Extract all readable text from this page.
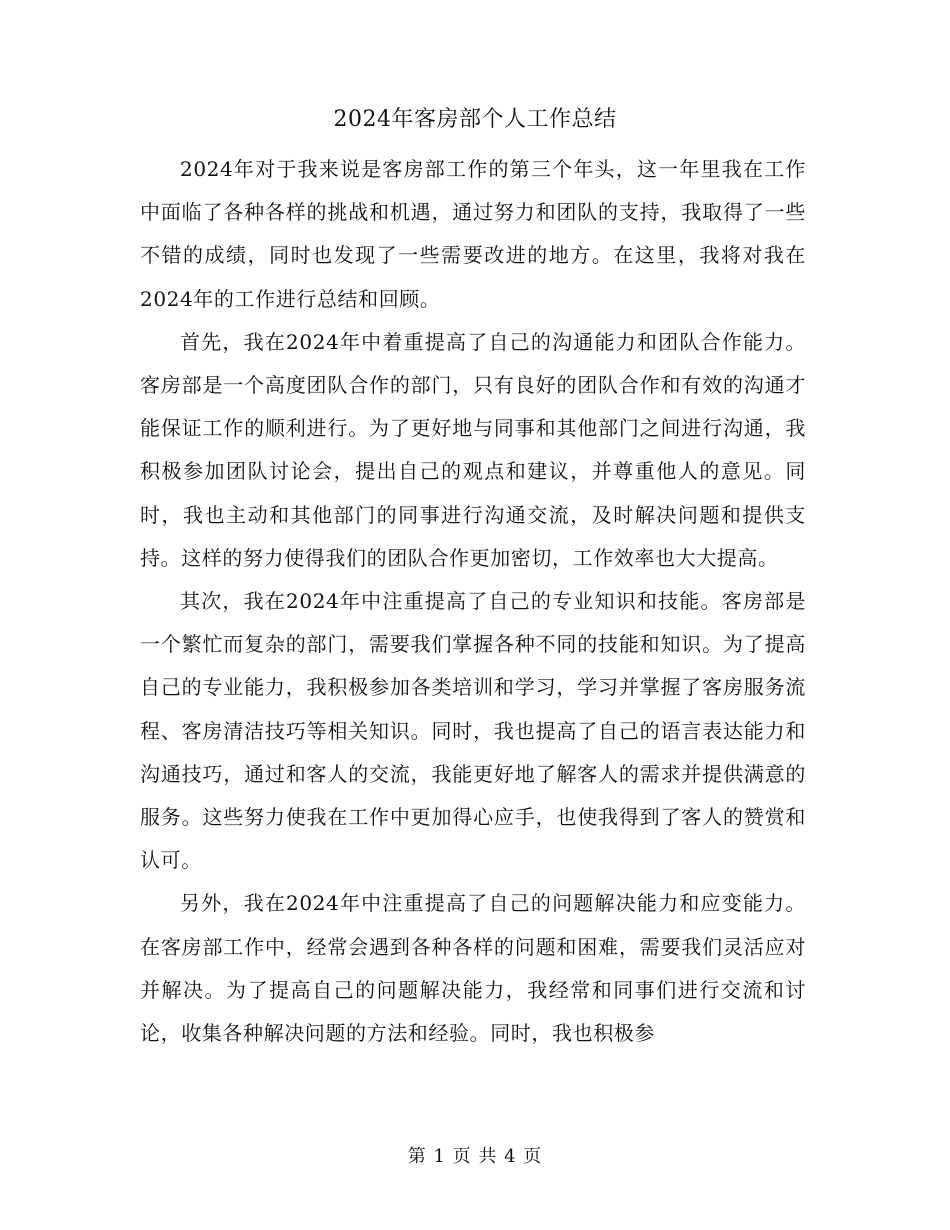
2024年客房部个人工作总结

2024年对于我来说是客房部工作的第三个年头，这一年里我在工作中面临了各种各样的挑战和机遇，通过努力和团队的支持，我取得了一些不错的成绩，同时也发现了一些需要改进的地方。在这里，我将对我在2024年的工作进行总结和回顾。

首先，我在2024年中着重提高了自己的沟通能力和团队合作能力。客房部是一个高度团队合作的部门，只有良好的团队合作和有效的沟通才能保证工作的顺利进行。为了更好地与同事和其他部门之间进行沟通，我积极参加团队讨论会，提出自己的观点和建议，并尊重他人的意见。同时，我也主动和其他部门的同事进行沟通交流，及时解决问题和提供支持。这样的努力使得我们的团队合作更加密切，工作效率也大大提高。

其次，我在2024年中注重提高了自己的专业知识和技能。客房部是一个繁忙而复杂的部门，需要我们掌握各种不同的技能和知识。为了提高自己的专业能力，我积极参加各类培训和学习，学习并掌握了客房服务流程、客房清洁技巧等相关知识。同时，我也提高了自己的语言表达能力和沟通技巧，通过和客人的交流，我能更好地了解客人的需求并提供满意的服务。这些努力使我在工作中更加得心应手，也使我得到了客人的赞赏和认可。

另外，我在2024年中注重提高了自己的问题解决能力和应变能力。在客房部工作中，经常会遇到各种各样的问题和困难，需要我们灵活应对并解决。为了提高自己的问题解决能力，我经常和同事们进行交流和讨论，收集各种解决问题的方法和经验。同时，我也积极参

第 1 页 共 4 页
